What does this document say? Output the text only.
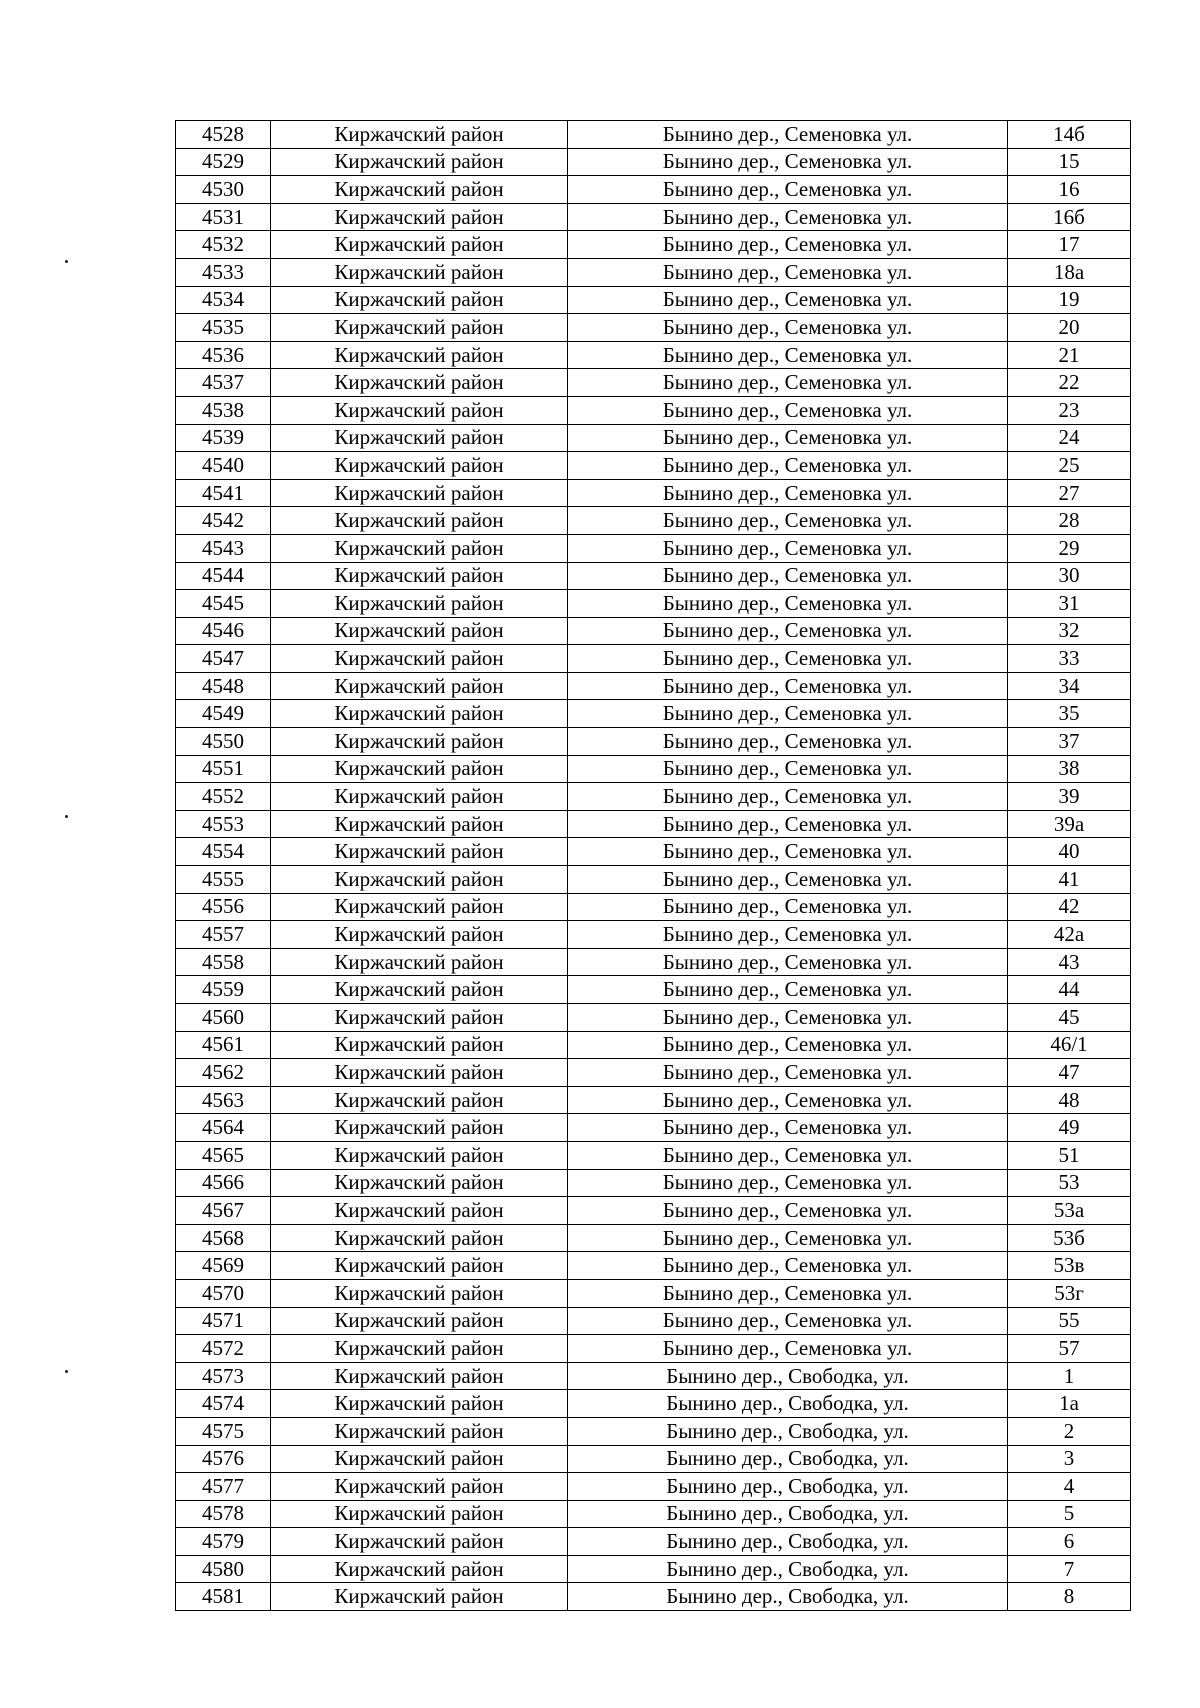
4528	Киржачский район	Бынино дер., Семеновка ул.	14б
4529	Киржачский район	Бынино дер., Семеновка ул.	15
4530	Киржачский район	Бынино дер., Семеновка ул.	16
4531	Киржачский район	Бынино дер., Семеновка ул.	16б
4532	Киржачский район	Бынино дер., Семеновка ул.	17
4533	Киржачский район	Бынино дер., Семеновка ул.	18а
4534	Киржачский район	Бынино дер., Семеновка ул.	19
4535	Киржачский район	Бынино дер., Семеновка ул.	20
4536	Киржачский район	Бынино дер., Семеновка ул.	21
4537	Киржачский район	Бынино дер., Семеновка ул.	22
4538	Киржачский район	Бынино дер., Семеновка ул.	23
4539	Киржачский район	Бынино дер., Семеновка ул.	24
4540	Киржачский район	Бынино дер., Семеновка ул.	25
4541	Киржачский район	Бынино дер., Семеновка ул.	27
4542	Киржачский район	Бынино дер., Семеновка ул.	28
4543	Киржачский район	Бынино дер., Семеновка ул.	29
4544	Киржачский район	Бынино дер., Семеновка ул.	30
4545	Киржачский район	Бынино дер., Семеновка ул.	31
4546	Киржачский район	Бынино дер., Семеновка ул.	32
4547	Киржачский район	Бынино дер., Семеновка ул.	33
4548	Киржачский район	Бынино дер., Семеновка ул.	34
4549	Киржачский район	Бынино дер., Семеновка ул.	35
4550	Киржачский район	Бынино дер., Семеновка ул.	37
4551	Киржачский район	Бынино дер., Семеновка ул.	38
4552	Киржачский район	Бынино дер., Семеновка ул.	39
4553	Киржачский район	Бынино дер., Семеновка ул.	39а
4554	Киржачский район	Бынино дер., Семеновка ул.	40
4555	Киржачский район	Бынино дер., Семеновка ул.	41
4556	Киржачский район	Бынино дер., Семеновка ул.	42
4557	Киржачский район	Бынино дер., Семеновка ул.	42а
4558	Киржачский район	Бынино дер., Семеновка ул.	43
4559	Киржачский район	Бынино дер., Семеновка ул.	44
4560	Киржачский район	Бынино дер., Семеновка ул.	45
4561	Киржачский район	Бынино дер., Семеновка ул.	46/1
4562	Киржачский район	Бынино дер., Семеновка ул.	47
4563	Киржачский район	Бынино дер., Семеновка ул.	48
4564	Киржачский район	Бынино дер., Семеновка ул.	49
4565	Киржачский район	Бынино дер., Семеновка ул.	51
4566	Киржачский район	Бынино дер., Семеновка ул.	53
4567	Киржачский район	Бынино дер., Семеновка ул.	53а
4568	Киржачский район	Бынино дер., Семеновка ул.	53б
4569	Киржачский район	Бынино дер., Семеновка ул.	53в
4570	Киржачский район	Бынино дер., Семеновка ул.	53г
4571	Киржачский район	Бынино дер., Семеновка ул.	55
4572	Киржачский район	Бынино дер., Семеновка ул.	57
4573	Киржачский район	Бынино дер., Свободка, ул.	1
4574	Киржачский район	Бынино дер., Свободка, ул.	1а
4575	Киржачский район	Бынино дер., Свободка, ул.	2
4576	Киржачский район	Бынино дер., Свободка, ул.	3
4577	Киржачский район	Бынино дер., Свободка, ул.	4
4578	Киржачский район	Бынино дер., Свободка, ул.	5
4579	Киржачский район	Бынино дер., Свободка, ул.	6
4580	Киржачский район	Бынино дер., Свободка, ул.	7
4581	Киржачский район	Бынино дер., Свободка, ул.	8
